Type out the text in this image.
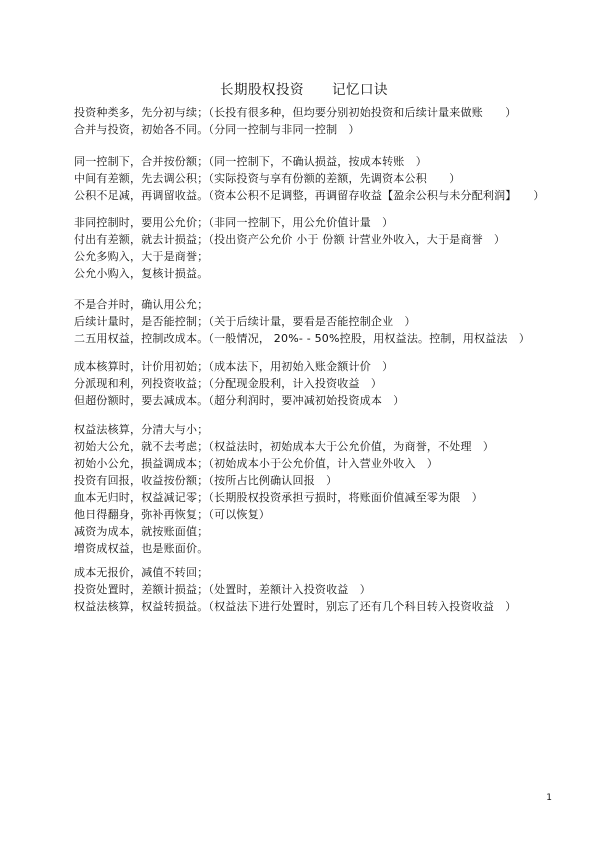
长期股权投资　　记忆口诀
投资种类多，先分初与续；（长投有很多种，但均要分别初始投资和后续计量来做账　　）
合并与投资，初始各不同。（分同一控制与非同一控制　）
同一控制下，合并按份额；（同一控制下，不确认损益，按成本转账　）
中间有差额，先去调公积；（实际投资与享有份额的差额，先调资本公积　　）
公积不足减，再调留收益。（资本公积不足调整，再调留存收益【盈余公积与未分配利润】　　）
非同控制时，要用公允价；（非同一控制下，用公允价值计量　）
付出有差额，就去计损益；（投出资产公允价 小于 份额 计营业外收入，大于是商誉　）
公允多购入，大于是商誉；
公允小购入，复核计损益。
不是合并时，确认用公允；
后续计量时，是否能控制；（关于后续计量，要看是否能控制企业　）
二五用权益，控制改成本。（一般情况， 20%- - 50%控股，用权益法。控制，用权益法　）
成本核算时，计价用初始；（成本法下，用初始入账金额计价　）
分派现和利，列投资收益；（分配现金股利，计入投资收益　）
但超份额时，要去减成本。（超分利润时，要冲减初始投资成本　）
权益法核算，分清大与小；
初始大公允，就不去考虑；（权益法时，初始成本大于公允价值，为商誉，不处理　）
初始小公允，损益调成本；（初始成本小于公允价值，计入营业外收入　）
投资有回报，收益按份额；（按所占比例确认回报　）
血本无归时，权益减记零；（长期股权投资承担亏损时，将账面价值减至零为限　）
他日得翻身，弥补再恢复；（可以恢复）
减资为成本，就按账面值；
增资成权益，也是账面价。
成本无报价，减值不转回；
投资处置时，差额计损益；（处置时，差额计入投资收益　）
权益法核算，权益转损益。（权益法下进行处置时，别忘了还有几个科目转入投资收益　）
1
